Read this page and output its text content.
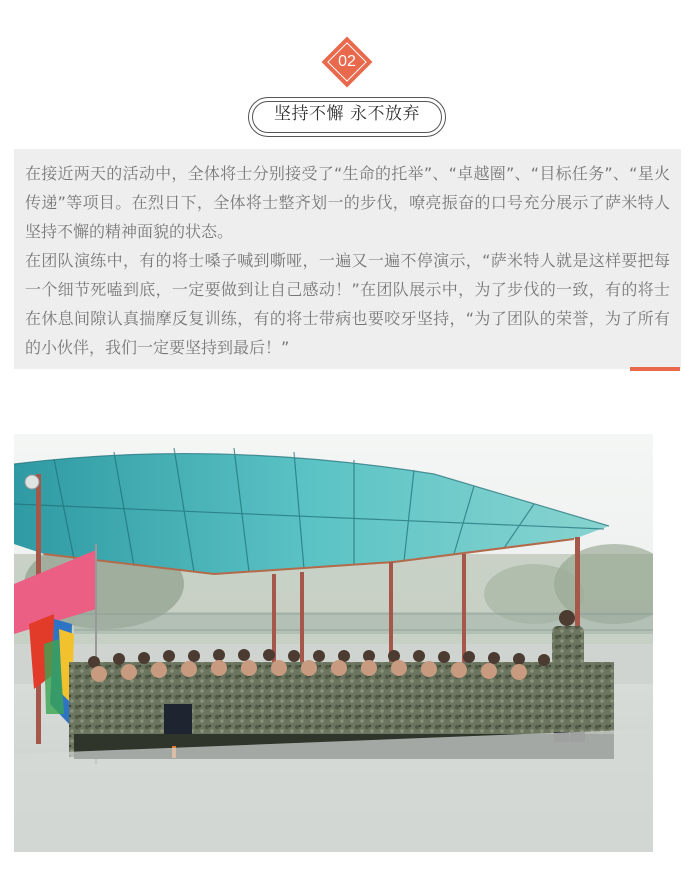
02
坚持不懈 永不放弃

在接近两天的活动中，全体将士分别接受了“生命的托举”、“卓越圈”、“目标任务”、“星火传递”等项目。在烈日下，全体将士整齐划一的步伐，嘹亮振奋的口号充分展示了萨米特人坚持不懈的精神面貌的状态。

在团队演练中，有的将士嗓子喊到嘶哑，一遍又一遍不停演示，“萨米特人就是这样要把每一个细节死嗑到底，一定要做到让自己感动！”在团队展示中，为了步伐的一致，有的将士在休息间隙认真揣摩反复训练，有的将士带病也要咬牙坚持，“为了团队的荣誉，为了所有的小伙伴，我们一定要坚持到最后！”
